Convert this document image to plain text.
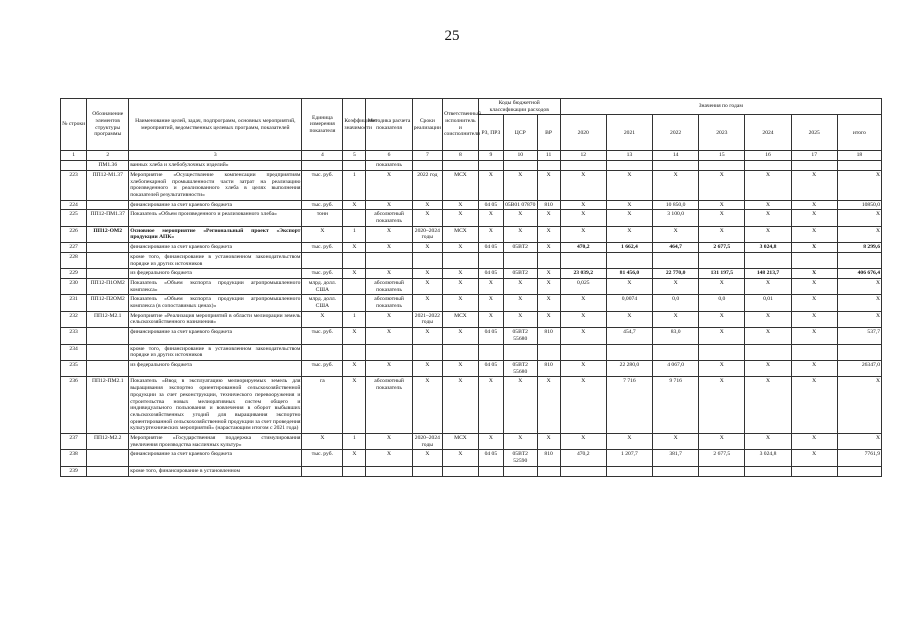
25
№ строки	Обозначение элементов структуры программы	Наименование целей, задач, подпрограмм, основных мероприятий, мероприятий, ведомственных целевых программ, показателей	Единица измерения показателя	Коэффициент значимости	Методика расчета показателя	Сроки реализации	Ответственный исполнитель и соисполнители	Коды бюджетной классификации расходов			Значения по годам						
								РЗ, ПРЗ	ЦСР	ВР	2020	2021	2022	2023	2024	2025	итого
1	2	3	4	5	6	7	8	9	10	11	12	13	14	15	16	17	18
	ПМ1.36	ванных хлеба и хлебобулочных изделий»			показатель												
223	ПП12-М1.37	Мероприятие «Осуществление компенсации предприятиям хлебопекарной промышленности части затрат на реализацию произведенного и реализованного хлеба в целях выполнения показателей результативности»	тыс. руб.	1	Х	2022 год	МСХ	Х	Х	Х	Х	Х	Х	Х	Х	Х	Х
224		финансирование за счет краевого бюджета	тыс. руб.	Х	Х	Х	Х	04 05	05В01 07870	810	Х	Х	10 850,0	Х	Х	Х	10850,0
225	ПП12-ПМ1.37	Показатель «Объем произведенного и реализованного хлеба»	тонн		абсолютный показатель	Х	Х	Х	Х	Х	Х	Х	3 100,0	Х	Х	Х	Х
226	ПП12-ОМ2	Основное мероприятие «Региональный проект «Экспорт продукции АПК»	Х	1	Х	2020–2024 годы	МСХ	Х	Х	Х	Х	Х	Х	Х	Х	Х	Х
227		финансирование за счет краевого бюджета	тыс. руб.	Х	Х	Х	Х	04 05	05ВТ2	Х	470,2	1 662,4	464,7	2 677,5	3 024,8	Х	8 299,6
228		кроме того, финансирование в установленном законодательством порядке из других источников															
229		из федерального бюджета	тыс. руб.	Х	Х	Х	Х	04 05	05ВТ2	Х	23 039,2	81 456,0	22 770,0	131 197,5	148 213,7	Х	406 676,4
230	ПП12-П1ОМ2	Показатель «Объем экспорта продукции агропромышленного комплекса»	млрд. долл. США		абсолютный показатель	Х	Х	Х	Х	Х	0,025	Х	Х	Х	Х	Х	Х
231	ПП12-П2ОМ2	Показатель «Объем экспорта продукции агропромышленного комплекса (в сопоставимых ценах)»	млрд. долл. США		абсолютный показатель	Х	Х	Х	Х	Х	Х	0,0074	0,0	0,0	0,01	Х	Х
232	ПП12-М2.1	Мероприятие «Реализация мероприятий в области мелиорации земель сельскохозяйственного назначения»	Х	1	Х	2021–2022 годы	МСХ	Х	Х	Х	Х	Х	Х	Х	Х	Х	Х
233		финансирование за счет краевого бюджета	тыс. руб.	Х	Х	Х	Х	04 05	05ВТ2 55680	810	Х	454,7	83,0	Х	Х	Х	537,7
234		кроме того, финансирование в установленном законодательством порядке из других источников															
235		из федерального бюджета	тыс. руб.	Х	Х	Х	Х	04 05	05ВТ2 55680	810	Х	22 280,0	4 067,0	Х	Х	Х	26347,0
236	ПП12-ПМ2.1	Показатель «Ввод в эксплуатацию мелиорируемых земель для выращивания экспортно ориентированной сельскохозяйственной продукции за счет реконструкции, технического перевооружения и строительства новых мелиоративных систем общего и индивидуального пользования и вовлечения в оборот выбывших сельскохозяйственных угодий для выращивания экспортно ориентированной сельскохозяйственной продукции за счет проведения культуртехнических мероприятий» (нарастающим итогом с 2021 года)	га	Х	абсолютный показатель	Х	Х	Х	Х	Х	Х	7 716	9 716	Х	Х	Х	Х
237	ПП12-М2.2	Мероприятие «Государственная поддержка стимулирования увеличения производства масличных культур»	Х	1	Х	2020–2024 годы	МСХ	Х	Х	Х	Х	Х	Х	Х	Х	Х	Х
238		финансирование за счет краевого бюджета	тыс. руб.	Х	Х	Х	Х	04 05	05ВТ2 52590	810	470,2	1 207,7	381,7	2 677,5	3 024,8	Х	7761,9
239		кроме того, финансирование в установленном															
